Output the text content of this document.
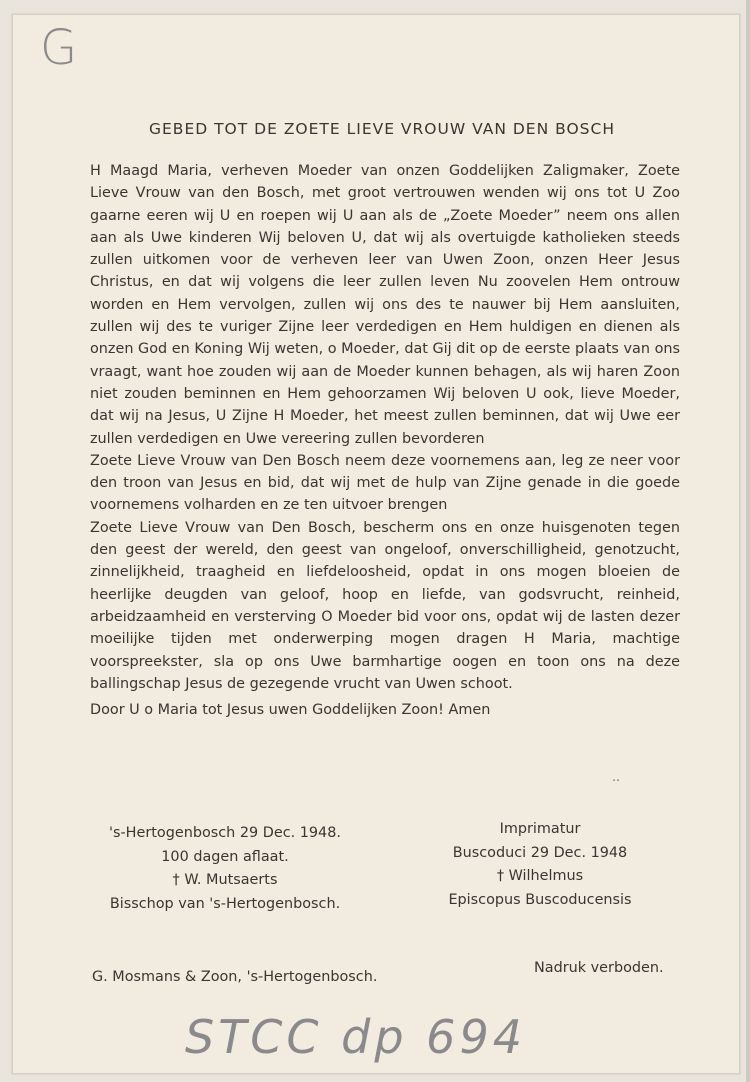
G
GEBED TOT DE ZOETE LIEVE VROUW VAN DEN BOSCH

H Maagd Maria, verheven Moeder van onzen Goddelijken Zaligmaker, Zoete Lieve Vrouw van den Bosch, met groot vertrouwen wenden wij ons tot U Zoo gaarne eeren wij U en roepen wij U aan als de „Zoete Moeder” neem ons allen aan als Uwe kinderen Wij beloven U, dat wij als overtuigde katholieken steeds zullen uitkomen voor de verheven leer van Uwen Zoon, onzen Heer Jesus Christus, en dat wij volgens die leer zullen leven Nu zoovelen Hem ontrouw worden en Hem vervolgen, zullen wij ons des te nauwer bij Hem aansluiten, zullen wij des te vuriger Zijne leer verdedigen en Hem huldigen en dienen als onzen God en Koning Wij weten, o Moeder, dat Gij dit op de eerste plaats van ons vraagt, want hoe zouden wij aan de Moeder kunnen behagen, als wij haren Zoon niet zouden beminnen en Hem gehoorzamen Wij beloven U ook, lieve Moeder, dat wij na Jesus, U Zijne H Moeder, het meest zullen beminnen, dat wij Uwe eer zullen verdedigen en Uwe vereering zullen bevorderen

Zoete Lieve Vrouw van Den Bosch neem deze voornemens aan, leg ze neer voor den troon van Jesus en bid, dat wij met de hulp van Zijne genade in die goede voornemens volharden en ze ten uitvoer brengen

Zoete Lieve Vrouw van Den Bosch, bescherm ons en onze huisgenoten tegen den geest der wereld, den geest van ongeloof, onverschilligheid, genotzucht, zinnelijkheid, traagheid en liefdeloosheid, opdat in ons mogen bloeien de heerlijke deugden van geloof, hoop en liefde, van godsvrucht, reinheid, arbeidzaamheid en versterving O Moeder bid voor ons, opdat wij de lasten dezer moeilijke tijden met onderwerping mogen dragen H Maria, machtige voorspreekster, sla op ons Uwe barmhartige oogen en toon ons na deze ballingschap Jesus de gezegende vrucht van Uwen schoot.

Door U o Maria tot Jesus uwen Goddelijken Zoon! Amen

․․
's-Hertogenbosch 29 Dec. 1948.
100 dagen aflaat.
† W. Mutsaerts
Bisschop van 's-Hertogenbosch.
Imprimatur
Buscoduci 29 Dec. 1948
† Wilhelmus
Episcopus Buscoducensis
G. Mosmans & Zoon, 's-Hertogenbosch.
Nadruk verboden.
STCC dp 694
